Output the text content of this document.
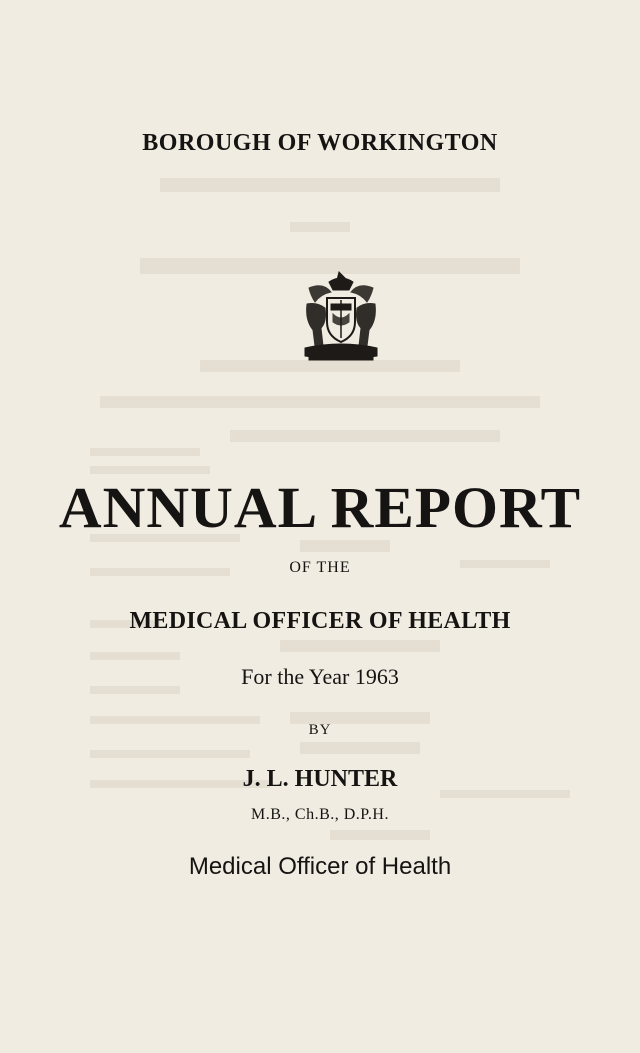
BOROUGH OF WORKINGTON
ANNUAL REPORT
OF THE
MEDICAL OFFICER OF HEALTH
For the Year 1963
BY
J. L. HUNTER
M.B., Ch.B., D.P.H.
Medical Officer of Health
